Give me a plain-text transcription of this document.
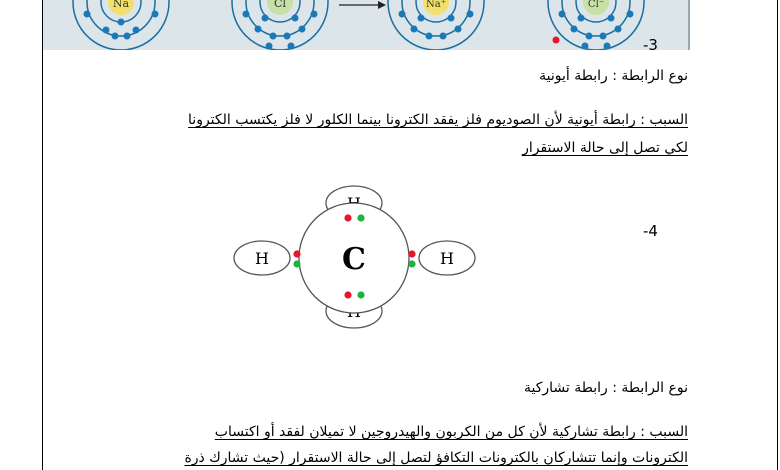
Na	Cl	Na⁺	Cl⁻
-3
نوع الرابطة : رابطة أيونية
السبب : رابطة أيونية لأن الصوديوم فلز يفقد الكترونا بينما الكلور لا فلز يكتسب الكترونا
لكي تصل إلى حالة الاستقرار
-4
H	H
C
نوع الرابطة : رابطة تشاركية
السبب : رابطة تشاركية لأن كل من الكربون والهيدروجين لا تميلان لفقد أو اكتساب
الكترونات وإنما تتشاركان بالكترونات التكافؤ لتصل إلى حالة الاستقرار (حيث تشارك ذرة
